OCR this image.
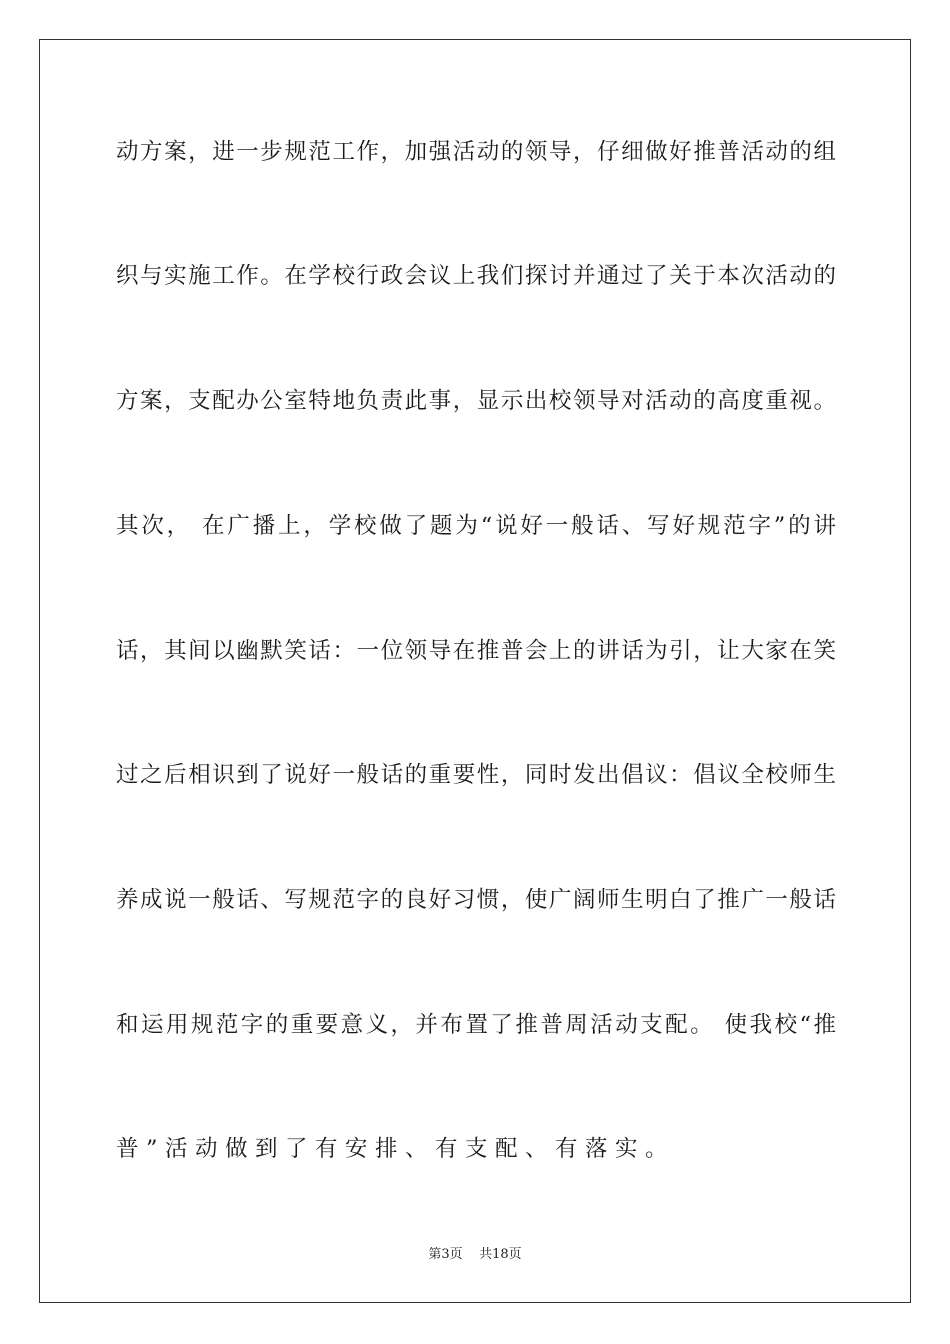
动方案，进一步规范工作，加强活动的领导，仔细做好推普活动的组
织与实施工作。在学校行政会议上我们探讨并通过了关于本次活动的
方案，支配办公室特地负责此事，显示出校领导对活动的高度重视。
其次， 在广播上，学校做了题为“说好一般话、写好规范字”的讲
话，其间以幽默笑话：一位领导在推普会上的讲话为引，让大家在笑
过之后相识到了说好一般话的重要性，同时发出倡议：倡议全校师生
养成说一般话、写规范字的良好习惯，使广阔师生明白了推广一般话
和运用规范字的重要意义，并布置了推普周活动支配。 使我校“推
普”活动做到了有安排、有支配、有落实。
第3页 共18页
